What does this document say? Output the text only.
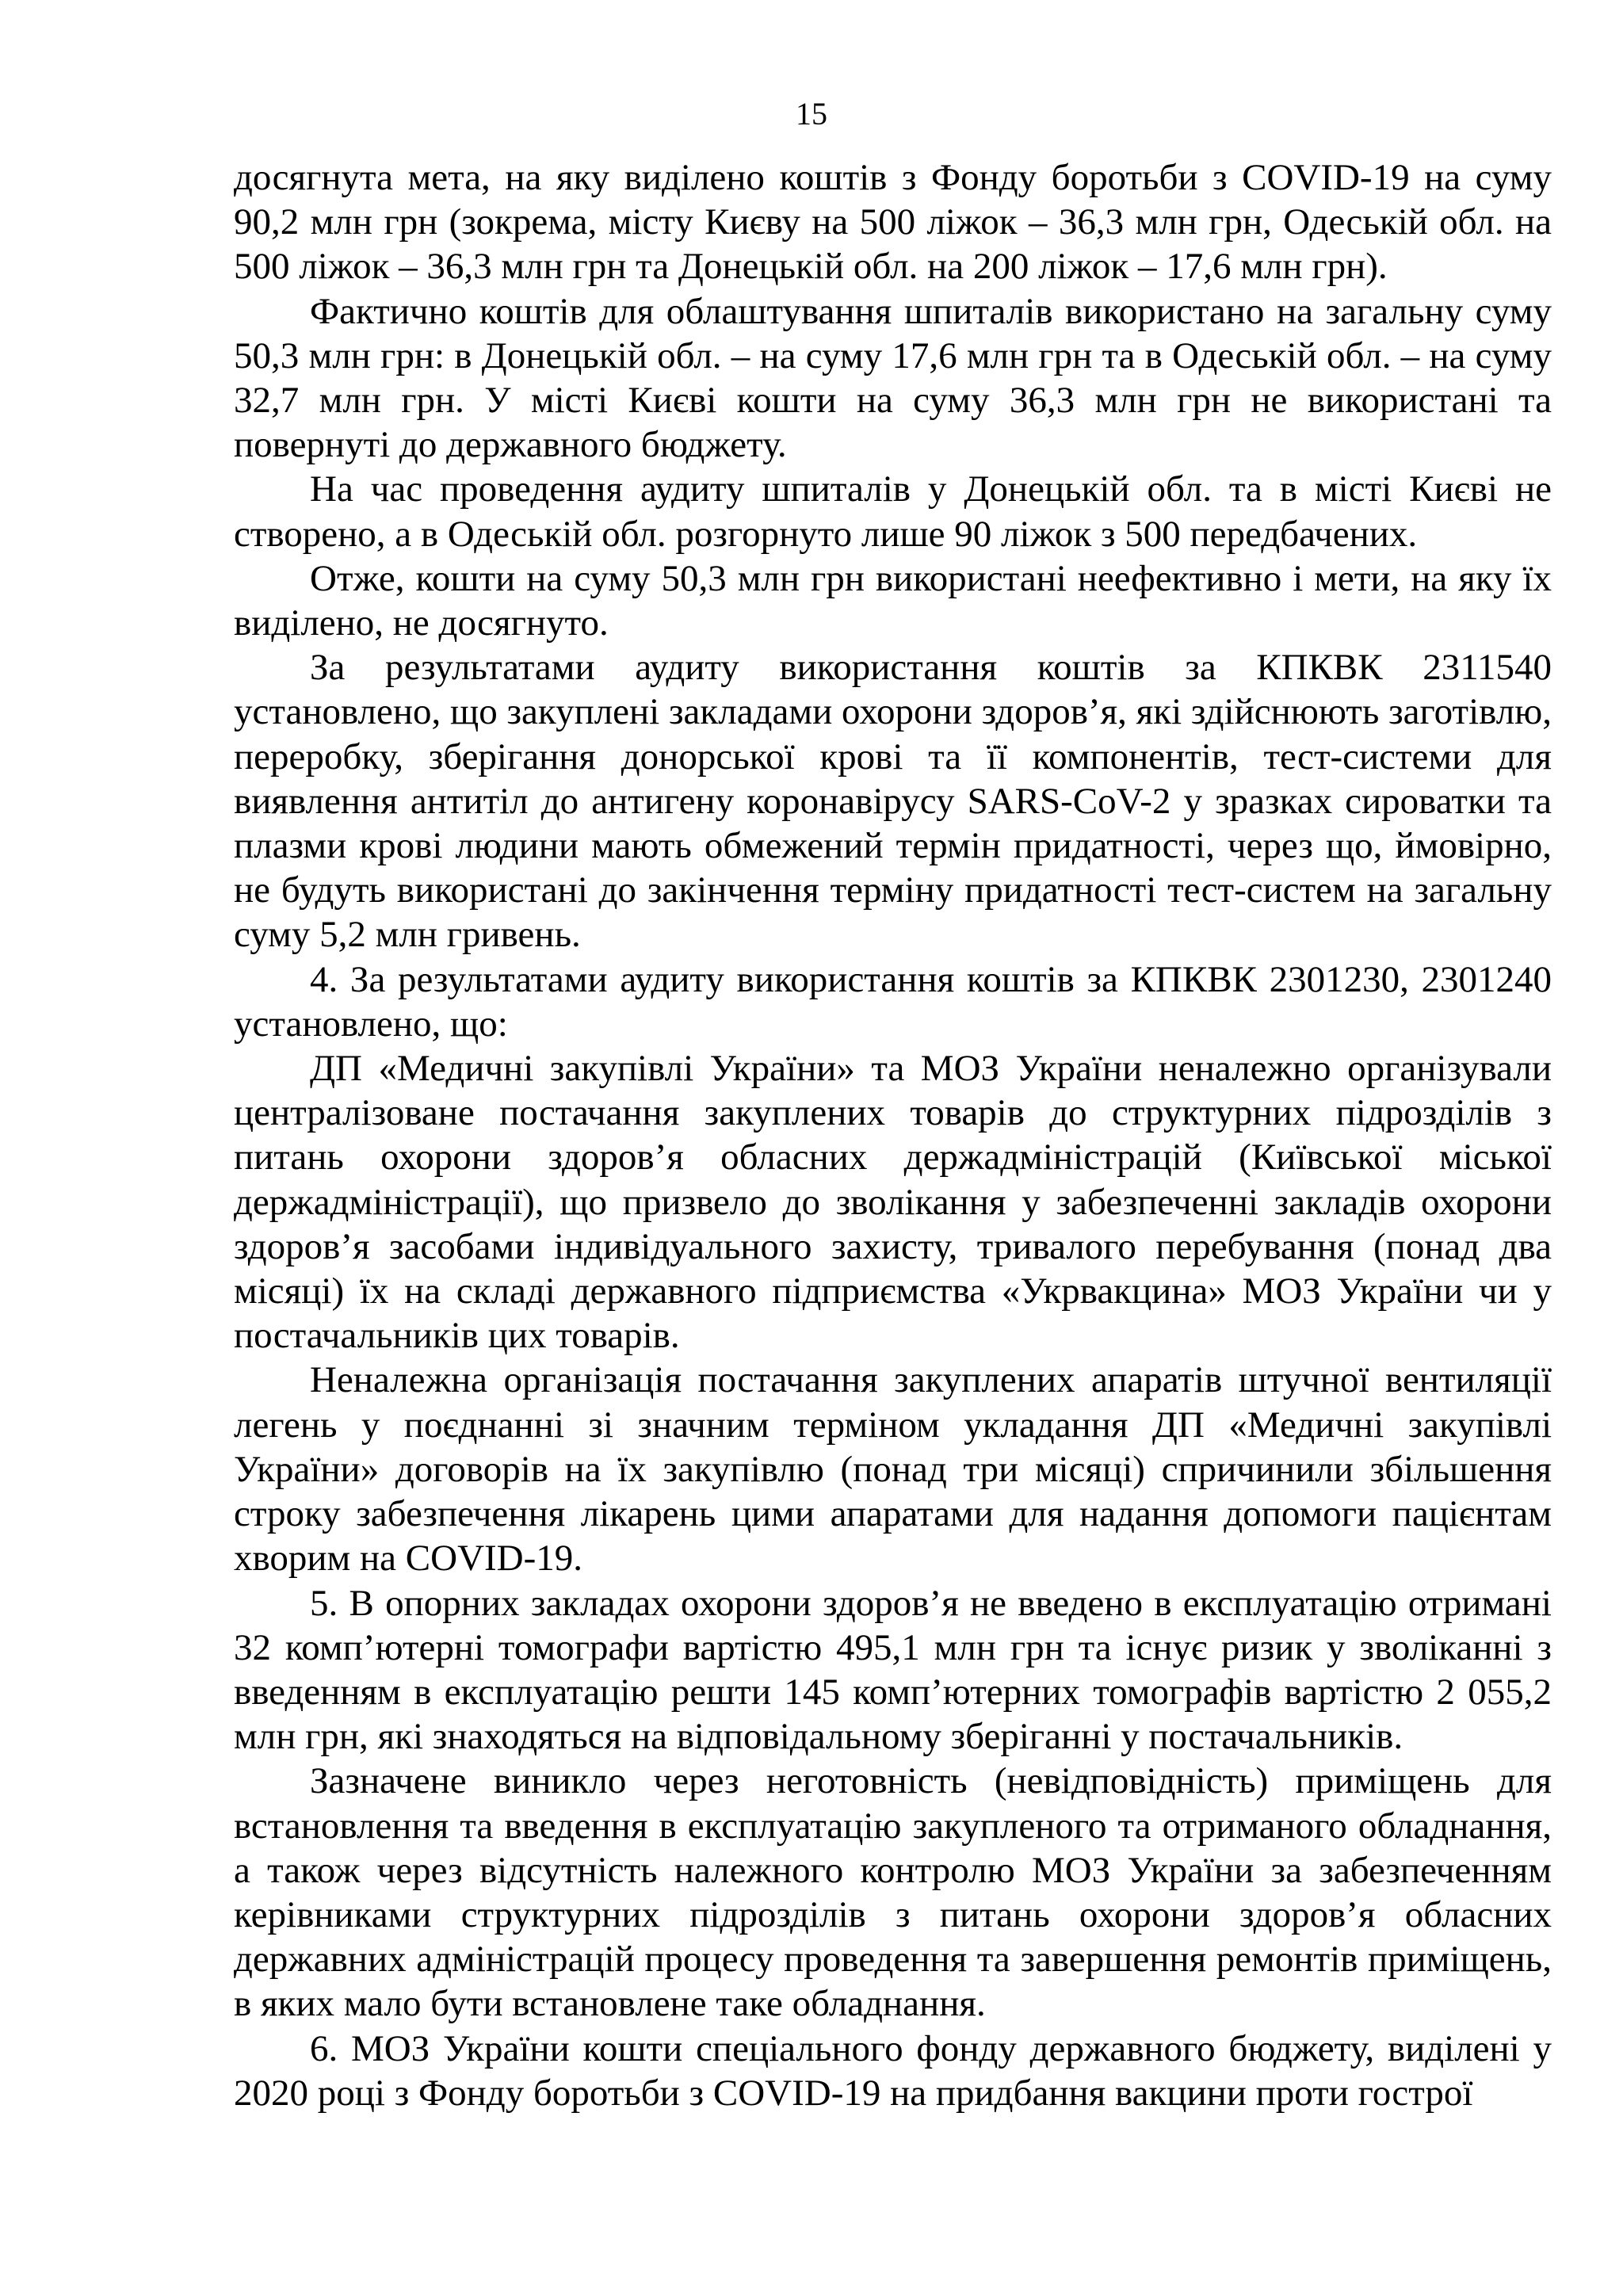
15

досягнута мета, на яку виділено коштів з Фонду боротьби з COVID-19 на суму 90,2 млн грн (зокрема, місту Києву на 500 ліжок – 36,3 млн грн, Одеській обл. на 500 ліжок – 36,3 млн грн та Донецькій обл. на 200 ліжок – 17,6 млн грн).

Фактично коштів для облаштування шпиталів використано на загальну суму 50,3 млн грн: в Донецькій обл. – на суму 17,6 млн грн та в Одеській обл. – на суму 32,7 млн грн. У місті Києві кошти на суму 36,3 млн грн не використані та повернуті до державного бюджету.

На час проведення аудиту шпиталів у Донецькій обл. та в місті Києві не створено, а в Одеській обл. розгорнуто лише 90 ліжок з 500 передбачених.

Отже, кошти на суму 50,3 млн грн використані неефективно і мети, на яку їх виділено, не досягнуто.

За результатами аудиту використання коштів за КПКВК 2311540 установлено, що закуплені закладами охорони здоров’я, які здійснюють заготівлю, переробку, зберігання донорської крові та її компонентів, тест-системи для виявлення антитіл до антигену коронавірусу SARS-CoV-2 у зразках сироватки та плазми крові людини мають обмежений термін придатності, через що, ймовірно, не будуть використані до закінчення терміну придатності тест-систем на загальну суму 5,2 млн гривень.

4. За результатами аудиту використання коштів за КПКВК 2301230, 2301240 установлено, що:

ДП «Медичні закупівлі України» та МОЗ України неналежно організували централізоване постачання закуплених товарів до структурних підрозділів з питань охорони здоров’я обласних держадміністрацій (Київської міської держадміністрації), що призвело до зволікання у забезпеченні закладів охорони здоров’я засобами індивідуального захисту, тривалого перебування (понад два місяці) їх на складі державного підприємства «Укрвакцина» МОЗ України чи у постачальників цих товарів.

Неналежна організація постачання закуплених апаратів штучної вентиляції легень у поєднанні зі значним терміном укладання ДП «Медичні закупівлі України» договорів на їх закупівлю (понад три місяці) спричинили збільшення строку забезпечення лікарень цими апаратами для надання допомоги пацієнтам хворим на COVID-19.

5. В опорних закладах охорони здоров’я не введено в експлуатацію отримані 32 комп’ютерні томографи вартістю 495,1 млн грн та існує ризик у зволіканні з введенням в експлуатацію решти 145 комп’ютерних томографів вартістю 2 055,2 млн грн, які знаходяться на відповідальному зберіганні у постачальників.

Зазначене виникло через неготовність (невідповідність) приміщень для встановлення та введення в експлуатацію закупленого та отриманого обладнання, а також через відсутність належного контролю МОЗ України за забезпеченням керівниками структурних підрозділів з питань охорони здоров’я обласних державних адміністрацій процесу проведення та завершення ремонтів приміщень, в яких мало бути встановлене таке обладнання.

6. МОЗ України кошти спеціального фонду державного бюджету, виділені у 2020 році з Фонду боротьби з COVID-19 на придбання вакцини проти гострої
